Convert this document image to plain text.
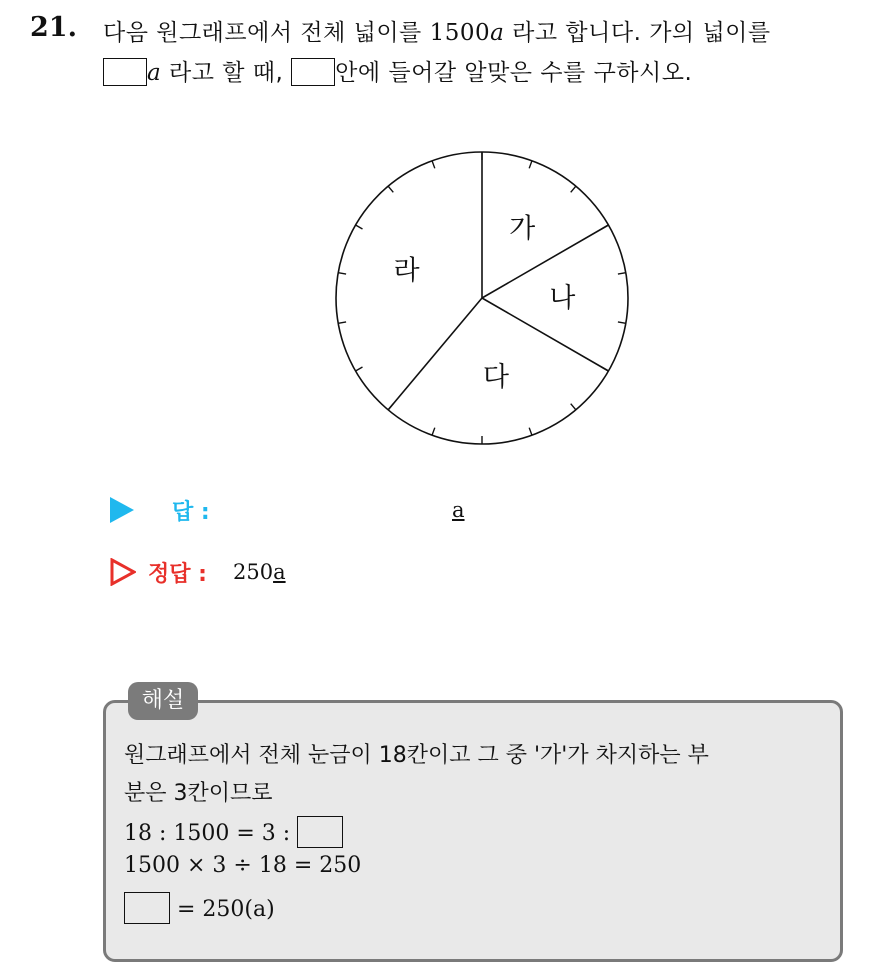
21. 다음 원그래프에서 전체 넓이를 1500a 라고 합니다. 가의 넓이를
a 라고 할 때, 안에 들어갈 알맞은 수를 구하시오.
가
나
다
라
답 :	a
정답 : 250a
해설
원그래프에서 전체 눈금이 18칸이고 그 중 '가'가 차지하는 부
분은 3칸이므로
18 : 1500 = 3 :
1500 × 3 ÷ 18 = 250
= 250(a)
